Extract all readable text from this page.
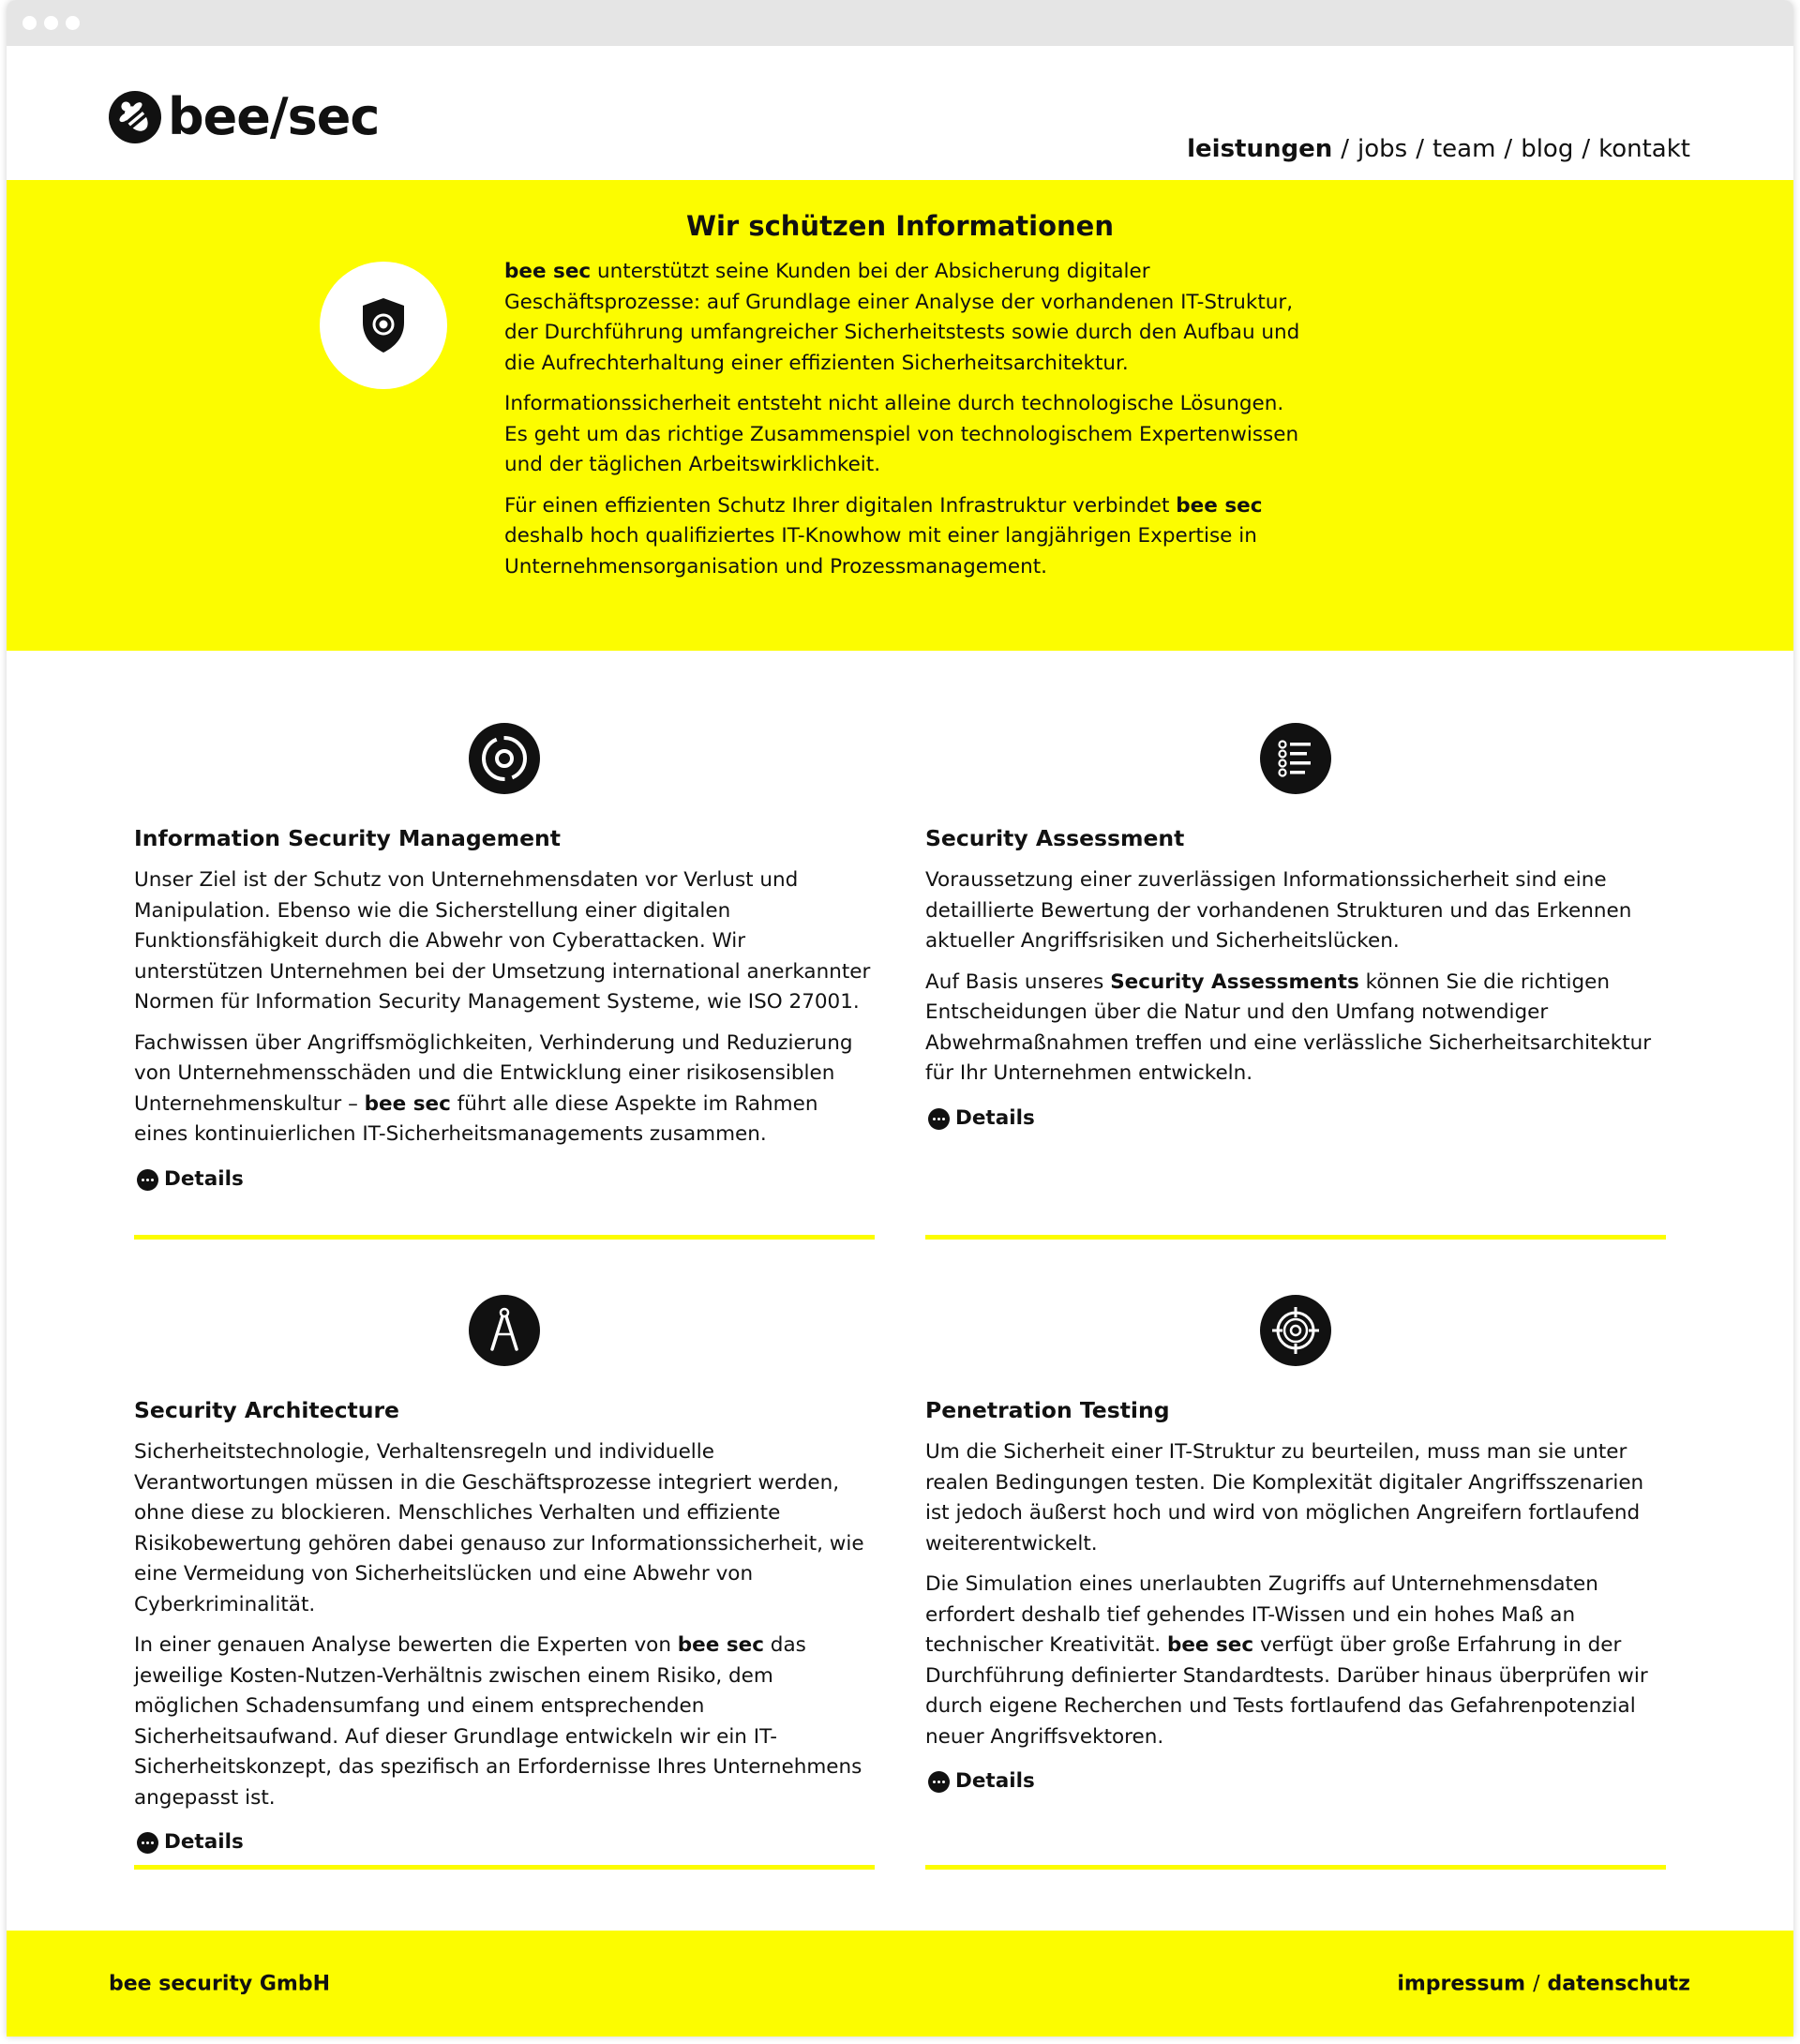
bee/sec
leistungen / jobs / team / blog / kontakt
Wir schützen Informationen

bee sec unterstützt seine Kunden bei der Absicherung digitaler Geschäftsprozesse: auf Grundlage einer Analyse der vorhandenen IT-Struktur, der Durchführung umfangreicher Sicherheitstests sowie durch den Aufbau und die Aufrechterhaltung einer effizienten Sicherheitsarchitektur.

Informationssicherheit entsteht nicht alleine durch technologische Lösungen. Es geht um das richtige Zusammenspiel von technologischem Expertenwissen und der täglichen Arbeitswirklichkeit.

Für einen effizienten Schutz Ihrer digitalen Infrastruktur verbindet bee sec deshalb hoch qualifiziertes IT-Knowhow mit einer langjährigen Expertise in Unternehmensorganisation und Prozessmanagement.

Information Security Management

Unser Ziel ist der Schutz von Unternehmensdaten vor Verlust und Manipulation. Ebenso wie die Sicherstellung einer digitalen Funktionsfähigkeit durch die Abwehr von Cyberattacken. Wir unterstützen Unternehmen bei der Umsetzung international anerkannter Normen für Information Security Management Systeme, wie ISO 27001.

Fachwissen über Angriffsmöglichkeiten, Verhinderung und Reduzierung von Unternehmensschäden und die Entwicklung einer risikosensiblen Unternehmenskultur – bee sec führt alle diese Aspekte im Rahmen eines kontinuierlichen IT-Sicherheitsmanagements zusammen.

Details
Security Assessment

Voraussetzung einer zuverlässigen Informationssicherheit sind eine detaillierte Bewertung der vorhandenen Strukturen und das Erkennen aktueller Angriffsrisiken und Sicherheitslücken.

Auf Basis unseres Security Assessments können Sie die richtigen Entscheidungen über die Natur und den Umfang notwendiger Abwehrmaßnahmen treffen und eine verlässliche Sicherheitsarchitektur für Ihr Unternehmen entwickeln.

Details
Security Architecture

Sicherheitstechnologie, Verhaltensregeln und individuelle Verantwortungen müssen in die Geschäftsprozesse integriert werden, ohne diese zu blockieren. Menschliches Verhalten und effiziente Risikobewertung gehören dabei genauso zur Informationssicherheit, wie eine Vermeidung von Sicherheitslücken und eine Abwehr von Cyberkriminalität.

In einer genauen Analyse bewerten die Experten von bee sec das jeweilige Kosten-Nutzen-Verhältnis zwischen einem Risiko, dem möglichen Schadensumfang und einem entsprechenden Sicherheitsaufwand. Auf dieser Grundlage entwickeln wir ein IT-Sicherheitskonzept, das spezifisch an Erfordernisse Ihres Unternehmens angepasst ist.

Details
Penetration Testing

Um die Sicherheit einer IT-Struktur zu beurteilen, muss man sie unter realen Bedingungen testen. Die Komplexität digitaler Angriffsszenarien ist jedoch äußerst hoch und wird von möglichen Angreifern fortlaufend weiterentwickelt.

Die Simulation eines unerlaubten Zugriffs auf Unternehmensdaten erfordert deshalb tief gehendes IT-Wissen und ein hohes Maß an technischer Kreativität. bee sec verfügt über große Erfahrung in der Durchführung definierter Standardtests. Darüber hinaus überprüfen wir durch eigene Recherchen und Tests fortlaufend das Gefahrenpotenzial neuer Angriffsvektoren.

Details
bee security GmbH	impressum / datenschutz
